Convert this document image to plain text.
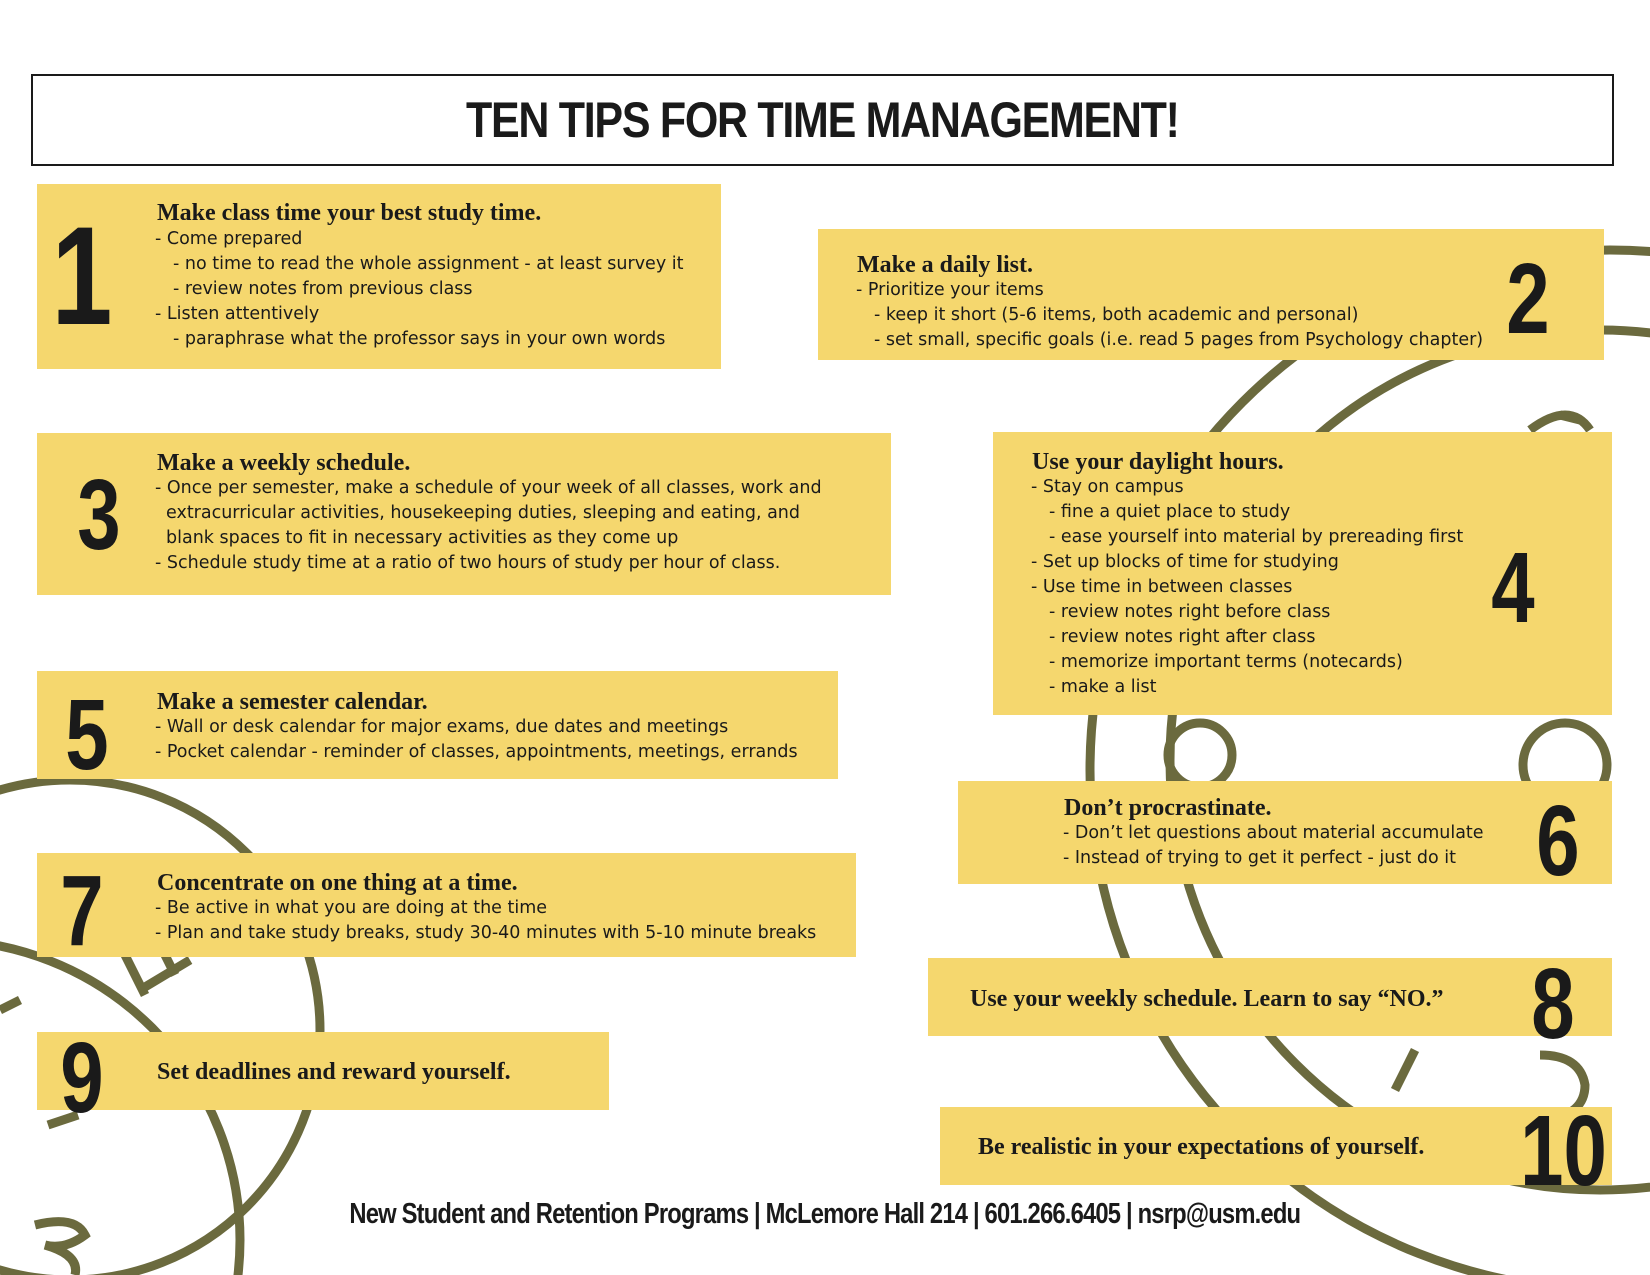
TEN TIPS FOR TIME MANAGEMENT!
1 Make class time your best study time.
- Come prepared
- no time to read the whole assignment - at least survey it
- review notes from previous class
- Listen attentively
- paraphrase what the professor says in your own words
Make a daily list.
- Prioritize your items
- keep it short (5-6 items, both academic and personal)
- set small, specific goals (i.e. read 5 pages from Psychology chapter) 2
3	Make a weekly schedule.
- Once per semester, make a schedule of your week of all classes, work and
extracurricular activities, housekeeping duties, sleeping and eating, and
blank spaces to fit in necessary activities as they come up
- Schedule study time at a ratio of two hours of study per hour of class.
Use your daylight hours.
- Stay on campus
- fine a quiet place to study
- ease yourself into material by prereading first
- Set up blocks of time for studying
- Use time in between classes
- review notes right before class
- review notes right after class
- memorize important terms (notecards)
- make a list
4
5	Make a semester calendar.
- Wall or desk calendar for major exams, due dates and meetings
- Pocket calendar - reminder of classes, appointments, meetings, errands
Don’t procrastinate.
- Don’t let questions about material accumulate
- Instead of trying to get it perfect - just do it 6
7	Concentrate on one thing at a time.
- Be active in what you are doing at the time
- Plan and take study breaks, study 30-40 minutes with 5-10 minute breaks
Use your weekly schedule. Learn to say “NO.” 8
9	Set deadlines and reward yourself.
Be realistic in your expectations of yourself. 10
New Student and Retention Programs | McLemore Hall 214 | 601.266.6405 | nsrp@usm.edu
